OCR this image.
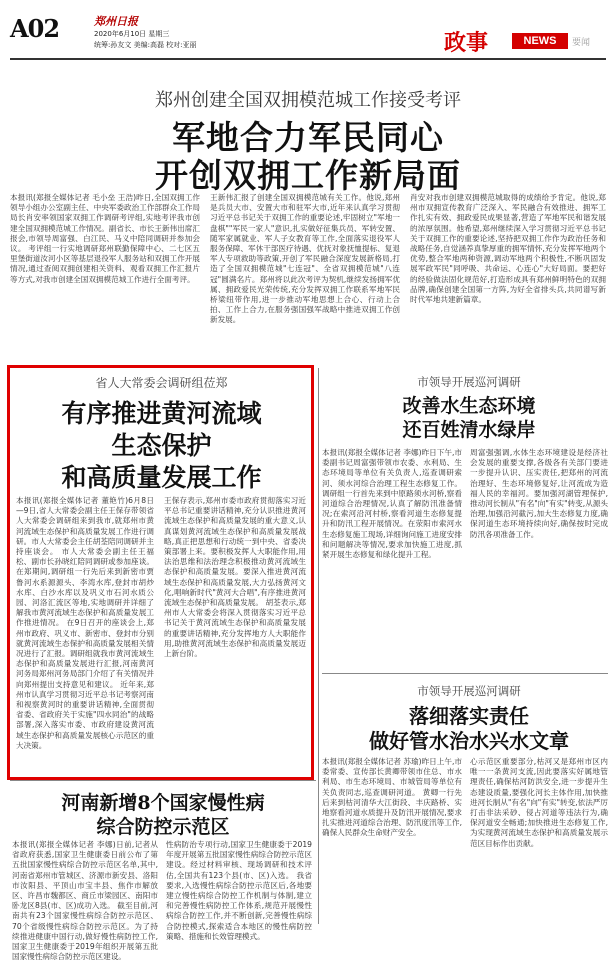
A02	郑州日报
2020年6月10日 星期三
统筹:孙友文 美编:高磊 校对:亚丽	政事	NEWS	要闻
郑州创建全国双拥模范城工作接受考评
军地合力军民同心
开创双拥工作新局面
本报讯(郑报全媒体记者 毛小垒 王浩)昨日,全国双拥工作领导小组办公室副主任、中央军委政治工作部群众工作局局长肖安率领国家双拥工作调研考评组,实地考评我市创建全国双拥模范城工作情况。副省长、市长王新伟出席汇报会,市领导周富强、白江民、马义中陪同调研并参加会议。 考评组一行实地调研郑州联勤保障中心、二七区五里堡街道汝河小区等基层退役军人服务站和双拥工作开展情况,通过查阅双拥创建相关资料、观看双拥工作汇报片等方式,对我市创建全国双拥模范城工作进行全面考评。
王新伟汇报了创建全国双拥模范城有关工作。他说,郑州是兵员大市、安置大市和驻军大市,近年来认真学习贯彻习近平总书记关于双拥工作的重要论述,牢固树立"军地一盘棋""军民一家人"意识,扎实做好征集兵员、军转安置、随军家属就业、军人子女教育等工作,全面落实退役军人服务保障、军休干部医疗待遇、优抚对象抚恤提标、复退军人专项救助等政策,开创了军民融合深度发展新格局,打造了全国双拥模范城"七连冠"、全省双拥模范城"八连冠"圆满名片。郑州将以此次考评为契机,继续发扬拥军优属、拥政爱民光荣传统,充分发挥双拥工作联系军地军民桥梁纽带作用,进一步推动军地思想上合心、行动上合拍、工作上合力,在服务强国强军战略中推进双拥工作创新发展。
肖安对我市创建双拥模范城取得的成绩给予肯定。他说,郑州市双拥宣传教育广泛深入、军民融合有效推进、拥军工作扎实有效、拥政爱民成果显著,营造了军地军民和谐发展的浓厚氛围。他希望,郑州继续深入学习贯彻习近平总书记关于双拥工作的重要论述,坚持把双拥工作作为政治任务和战略任务,自觉涵养真挚厚重的拥军情怀,充分发挥军地两个优势,整合军地两种资源,调动军地两个积极性,不断巩固发展军政军民"同呼吸、共命运、心连心"大好局面。要把好的经验做法固化规范好,打造形成具有郑州鲜明特色的双拥品牌,确保创建全国第一方阵,为好全省排头兵,共同谱写新时代军地共建新篇章。
省人大常委会调研组莅郑
有序推进黄河流域
生态保护
和高质量发展工作
本报讯(郑报全媒体记者 董艳竹)6月8日—9日,省人大常委会副主任王保存带领省人大常委会调研组来到我市,就郑州市黄河流域生态保护和高质量发展工作进行调研。市人大常委会主任胡荃陪同调研并主持座谈会。 市人大常委会副主任王福松、副市长孙晓红陪同调研或参加座谈。 在郑期间,调研组一行先后来到新密市贾鲁河水系源源头、李湾水库,登封市胡炒水库、白沙水库以及巩义市石河水质公园、河洛汇流区等地,实地调研并详细了解我市黄河流域生态保护和高质量发展工作推进情况。 在9日召开的座谈会上,郑州市政府、巩义市、新密市、登封市分别就黄河流域生态保护和高质量发展相关情况进行了汇报。调研组就我市黄河流域生态保护和高质量发展进行汇报,河南黄河河务局郑州河务局部门介绍了有关情况并向郑州提出支持意见和建议。 近年来,郑州市认真学习贯彻习近平总书记考察河南和视察黄河时的重要讲话精神,全面贯彻省委、省政府关于实施"四水同治"的战略部署,深入落实市委、市政府建设黄河流域生态保护和高质量发展核心示范区的重大决策。
王保存表示,郑州市委市政府贯彻落实习近平总书记重要讲话精神,充分认识推进黄河流域生态保护和高质量发展的重大意义,认真谋划黄河流域生态保护和高质量发展战略,真正把思想和行动统一到中央、省委决策部署上来。要积极发挥人大职能作用,用法治思维和法治理念积极推动黄河流域生态保护和高质量发展。要深入推进黄河流域生态保护和高质量发展,大力弘扬黄河文化,唱响新时代"黄河大合唱",有序推进黄河流域生态保护和高质量发展。 胡荃表示,郑州市人大常委会将深入贯彻落实习近平总书记关于黄河流域生态保护和高质量发展的重要讲话精神,充分发挥地方人大职能作用,助推黄河流域生态保护和高质量发展迈上新台阶。
市领导开展巡河调研
改善水生态环境
还百姓清水绿岸
本报讯(郑报全媒体记者 李娜)昨日下午,市委副书记周富强带领市农委、水利局、生态环境局等单位有关负责人,巡查调研索河、须水河综合治理工程生态修复工作。 调研组一行首先来到中原路须水河桥,察看河道综合治理情况,认真了解防汛准备情况;在索河沿河村桥,察看河道生态修复提升和防汛工程开展情况。在荥阳市索河水生态修复施工现场,详细询问施工进度安排和问题解决等情况,要求加快施工进度,抓紧开展生态修复和绿化提升工程。
周富强强调,水体生态环境建设是经济社会发展的重要支撑,各级各有关部门要进一步提升认识、压实责任,把郑州的河流治理好、生态环境修复好,让河流成为造福人民的幸福河。要加强河湖管理保护,推动河长制从"有名"向"有实"转变,从源头治理,加强沿河截污,加大生态修复力度,确保河道生态环境持续向好,确保按时完成防汛各项准备工作。
市领导开展巡河调研
落细落实责任
做好管水治水兴水文章
本报讯(郑报全媒体记者 苏瑜)昨日上午,市委常委、宣传部长黄卿带领市住总、市水利局、市生态环境局、市城管局等单位有关负责同志,巡查调研河道。 黄卿一行先后来到枯河清华大江街段、丰庆路桥、实地察看河道水质提升及防汛开展情况,要求扎实推进河道综合治理、防汛度汛等工作,确保人民群众生命财产安全。
心示范区重要部分,枯河又是郑州市区内唯一一条黄河支流,因此要落实好属地管理责任,确保枯河防洪安全,进一步提升生态建设质量,要强化河长主体作用,加快推进河长制从"有名"向"有实"转变,依法严厉打击非法采砂、侵占河道等违法行为,确保河道安全畅通;加快推进生态修复工作,为实现黄河流域生态保护和高质量发展示范区目标作出贡献。
河南新增8个国家慢性病
综合防控示范区
本报讯(郑报全媒体记者 李娜)日前,记者从省政府获悉,国家卫生健康委日前公布了第五批国家慢性病综合防控示范区名单,其中,河南省郑州市管城区、济源市新安县、洛阳市汝阳县、平顶山市宝丰县、焦作市解放区、许昌市魏都区、商丘市梁园区、南阳市卧龙区8县(市、区)成功入选。 截至目前,河南共有23个国家慢性病综合防控示范区、70个省级慢性病综合防控示范区。为了持续推进健康中国行动,做好慢性病防控工作,国家卫生健康委于2019年组织开展第五批国家慢性病综合防控示范区建设。
性病防治专项行动,国家卫生健康委于2019年度开展第五批国家慢性病综合防控示范区建设。经过材料审核、现场调研和技术评估,全国共有123个县(市、区)入选。 我省要求,入选慢性病综合防控示范区后,各地要建立慢性病综合防控工作机制与体制,建立和完善慢性病防控工作体系,规范开展慢性病综合防控工作,并不断创新,完善慢性病综合防控模式,探索适合本地区的慢性病防控策略、措施和长效管理模式。
